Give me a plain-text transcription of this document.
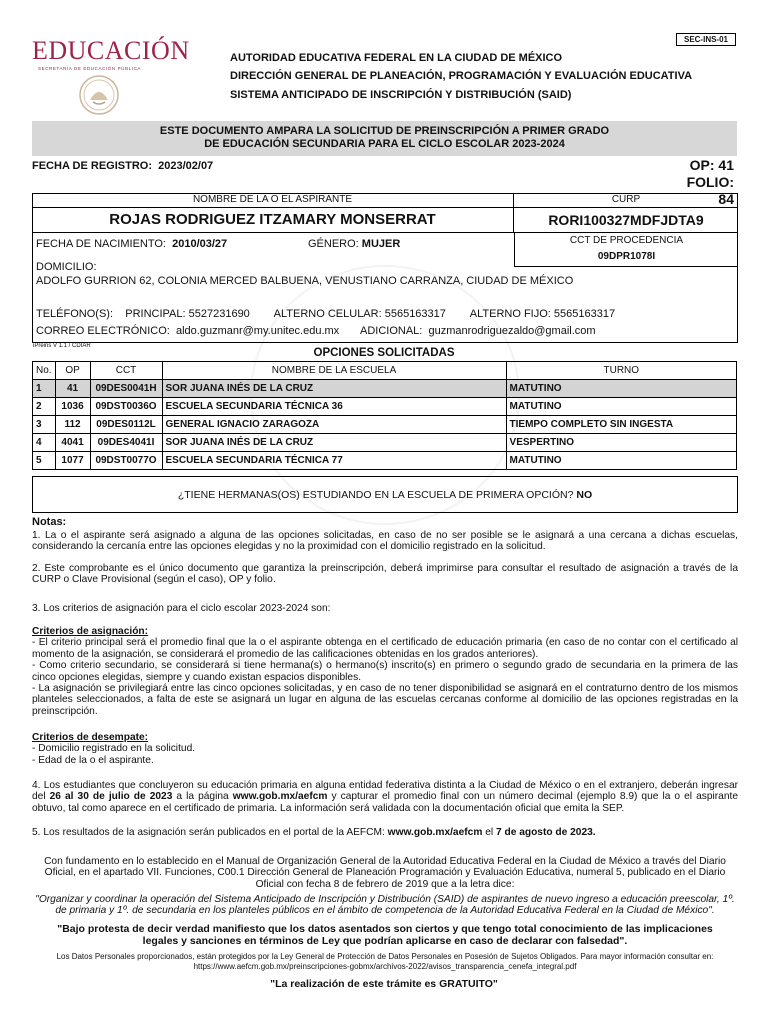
EDUCACIÓN
SECRETARÍA DE EDUCACIÓN PÚBLICA
SEC-INS-01
AUTORIDAD EDUCATIVA FEDERAL EN LA CIUDAD DE MÉXICO
DIRECCIÓN GENERAL DE PLANEACIÓN, PROGRAMACIÓN Y EVALUACIÓN EDUCATIVA
SISTEMA ANTICIPADO DE INSCRIPCIÓN Y DISTRIBUCIÓN (SAID)
ESTE DOCUMENTO AMPARA LA SOLICITUD DE PREINSCRIPCIÓN A PRIMER GRADO
DE EDUCACIÓN SECUNDARIA PARA EL CICLO ESCOLAR 2023-2024
FECHA DE REGISTRO: 2023/02/07	OP: 41
FOLIO: 84
NOMBRE DE LA O EL ASPIRANTE
ROJAS RODRIGUEZ ITZAMARY MONSERRAT
CURP
RORI100327MDFJDTA9
FECHA DE NACIMIENTO: 2010/03/27	GÉNERO: MUJER	CCT DE PROCEDENCIA
09DPR1078I
DOMICILIO:
ADOLFO GURRION 62, COLONIA MERCED BALBUENA, VENUSTIANO CARRANZA, CIUDAD DE MÉXICO
TELÉFONO(S): PRINCIPAL: 5527231690 ALTERNO CELULAR: 5565163317 ALTERNO FIJO: 5565163317
CORREO ELECTRÓNICO: aldo.guzmanr@my.unitec.edu.mx ADICIONAL: guzmanrodriguezaldo@gmail.com
iPreins V 1.1 / CDIAR
OPCIONES SOLICITADAS
No.	OP	CCT	NOMBRE DE LA ESCUELA	TURNO
1	41	09DES0041H	SOR JUANA INÉS DE LA CRUZ	MATUTINO
2	1036	09DST0036O	ESCUELA SECUNDARIA TÉCNICA 36	MATUTINO
3	112	09DES0112L	GENERAL IGNACIO ZARAGOZA	TIEMPO COMPLETO SIN INGESTA
4	4041	09DES4041I	SOR JUANA INÉS DE LA CRUZ	VESPERTINO
5	1077	09DST0077O	ESCUELA SECUNDARIA TÉCNICA 77	MATUTINO
¿TIENE HERMANAS(OS) ESTUDIANDO EN LA ESCUELA DE PRIMERA OPCIÓN? NO
Notas:
1. La o el aspirante será asignado a alguna de las opciones solicitadas, en caso de no ser posible se le asignará a una cercana a dichas escuelas, considerando la cercanía entre las opciones elegidas y no la proximidad con el domicilio registrado en la solicitud.
2. Este comprobante es el único documento que garantiza la preinscripción, deberá imprimirse para consultar el resultado de asignación a través de la CURP o Clave Provisional (según el caso), OP y folio.
3. Los criterios de asignación para el ciclo escolar 2023-2024 son:
Criterios de asignación:
- El criterio principal será el promedio final que la o el aspirante obtenga en el certificado de educación primaria (en caso de no contar con el certificado al momento de la asignación, se considerará el promedio de las calificaciones obtenidas en los grados anteriores).
- Como criterio secundario, se considerará si tiene hermana(s) o hermano(s) inscrito(s) en primero o segundo grado de secundaria en la primera de las cinco opciones elegidas, siempre y cuando existan espacios disponibles.
- La asignación se privilegiará entre las cinco opciones solicitadas, y en caso de no tener disponibilidad se asignará en el contraturno dentro de los mismos planteles seleccionados, a falta de este se asignará un lugar en alguna de las escuelas cercanas conforme al domicilio de las opciones registradas en la preinscripción.
Criterios de desempate:
- Domicilio registrado en la solicitud.
- Edad de la o el aspirante.
4. Los estudiantes que concluyeron su educación primaria en alguna entidad federativa distinta a la Ciudad de México o en el extranjero, deberán ingresar del 26 al 30 de julio de 2023 a la página www.gob.mx/aefcm y capturar el promedio final con un número decimal (ejemplo 8.9) que la o el aspirante obtuvo, tal como aparece en el certificado de primaria. La información será validada con la documentación oficial que emita la SEP.
5. Los resultados de la asignación serán publicados en el portal de la AEFCM: www.gob.mx/aefcm el 7 de agosto de 2023.
Con fundamento en lo establecido en el Manual de Organización General de la Autoridad Educativa Federal en la Ciudad de México a través del Diario Oficial, en el apartado VII. Funciones, C00.1 Dirección General de Planeación Programación y Evaluación Educativa, numeral 5, publicado en el Diario Oficial con fecha 8 de febrero de 2019 que a la letra dice:
"Organizar y coordinar la operación del Sistema Anticipado de Inscripción y Distribución (SAID) de aspirantes de nuevo ingreso a educación preescolar, 1º. de primaria y 1º. de secundaria en los planteles públicos en el ámbito de competencia de la Autoridad Educativa Federal en la Ciudad de México".
"Bajo protesta de decir verdad manifiesto que los datos asentados son ciertos y que tengo total conocimiento de las implicaciones legales y sanciones en términos de Ley que podrían aplicarse en caso de declarar con falsedad".
Los Datos Personales proporcionados, están protegidos por la Ley General de Protección de Datos Personales en Posesión de Sujetos Obligados. Para mayor información consultar en: https://www.aefcm.gob.mx/preinscripciones-gobmx/archivos-2022/avisos_transparencia_cenefa_integral.pdf
"La realización de este trámite es GRATUITO"
